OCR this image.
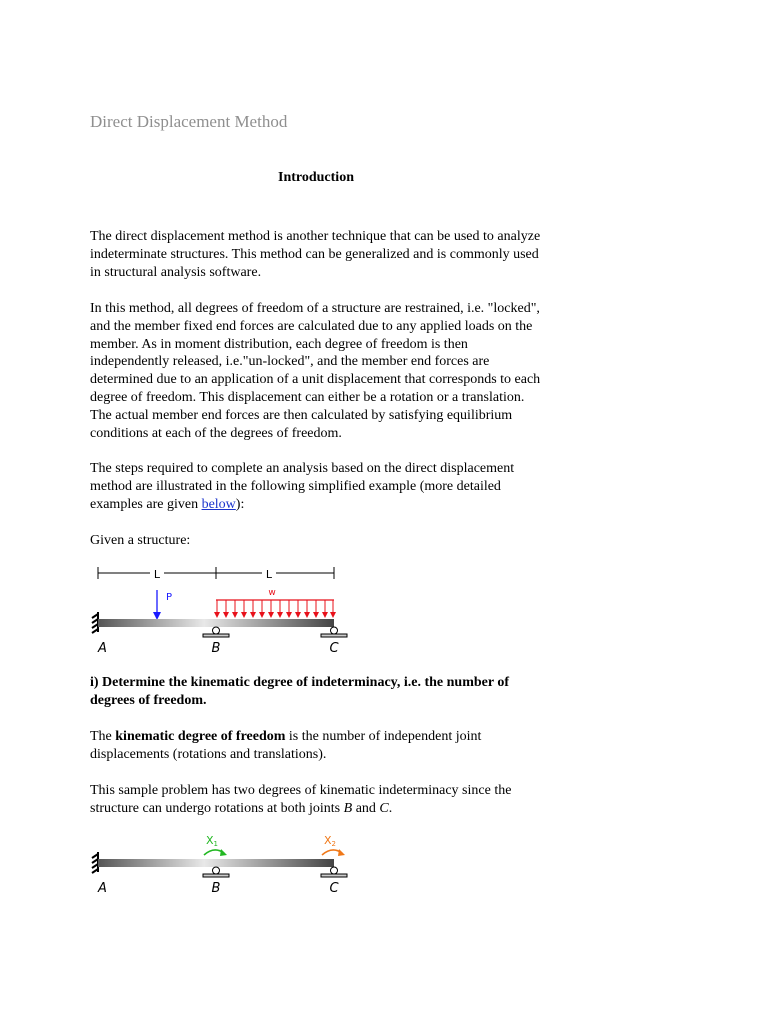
Direct Displacement Method
Introduction

The direct displacement method is another technique that can be used to analyze indeterminate structures. This method can be generalized and is commonly used in structural analysis software.

In this method, all degrees of freedom of a structure are restrained, i.e. "locked", and the member fixed end forces are calculated due to any applied loads on the member. As in moment distribution, each degree of freedom is then independently released, i.e."un-locked", and the member end forces are determined due to an application of a unit displacement that corresponds to each degree of freedom. This displacement can either be a rotation or a translation. The actual member end forces are then calculated by satisfying equilibrium conditions at each of the degrees of freedom.

The steps required to complete an analysis based on the direct displacement method are illustrated in the following simplified example (more detailed examples are given below):

Given a structure:

L	L
P	w
A	B	C

i) Determine the kinematic degree of indeterminacy, i.e. the number of degrees of freedom.

The kinematic degree of freedom is the number of independent joint displacements (rotations and translations).

This sample problem has two degrees of kinematic indeterminacy since the structure can undergo rotations at both joints B and C.

X1	X2
A	B	C
